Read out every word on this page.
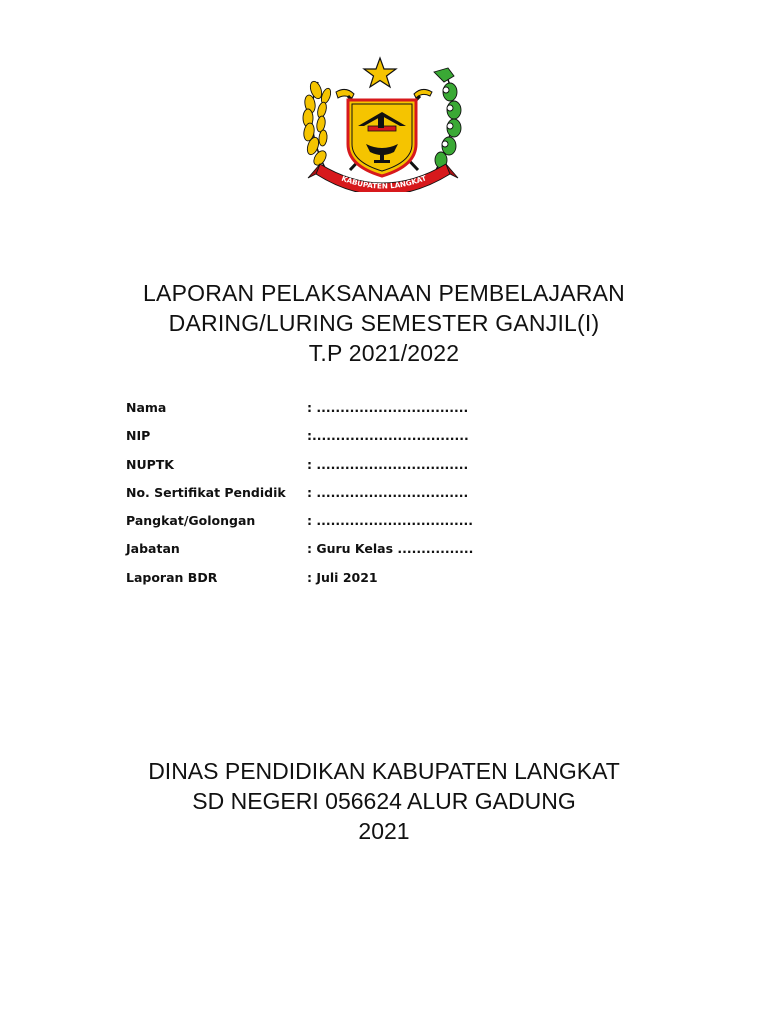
KABUPATEN LANGKAT
LAPORAN PELAKSANAAN PEMBELAJARAN
DARING/LURING SEMESTER GANJIL(I)
T.P 2021/2022
Nama	: ................................
NIP	:.................................
NUPTK	: ................................
No. Sertifikat Pendidik	: ................................
Pangkat/Golongan	: .................................
Jabatan	: Guru Kelas ................
Laporan BDR	: Juli 2021
DINAS PENDIDIKAN KABUPATEN LANGKAT
SD NEGERI 056624 ALUR GADUNG
2021
